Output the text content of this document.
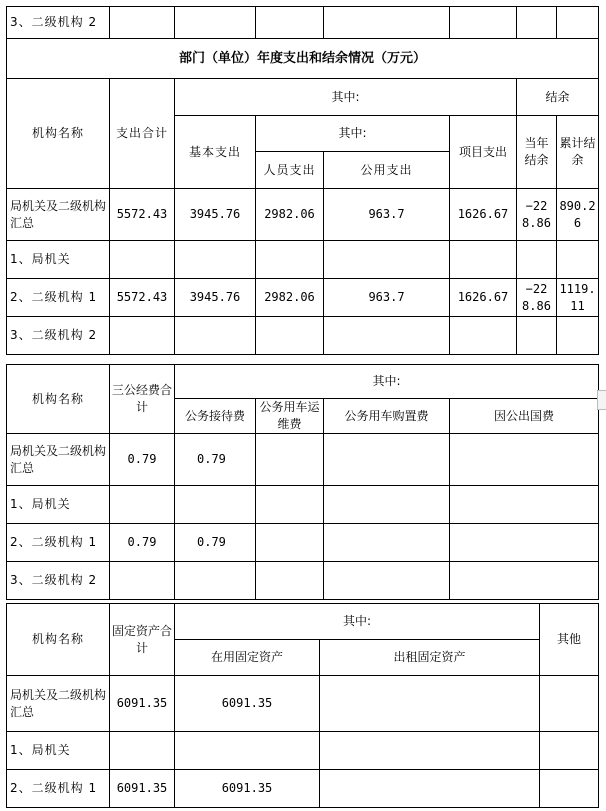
3、二级机构 2							
部门（单位）年度支出和结余情况（万元）							
机构名称	支出合计	其中:				结余	
		基本支出	其中:		项目支出	当年结余	累计结余
			人员支出	公用支出			
局机关及二级机构汇总	5572.43	3945.76	2982.06	963.7	1626.67	−228.86	890.26
1、局机关							
2、二级机构 1	5572.43	3945.76	2982.06	963.7	1626.67	−228.86	1119.11
3、二级机构 2							
机构名称	三公经费合计	其中:			
		公务接待费	公务用车运维费	公务用车购置费	因公出国费
局机关及二级机构汇总	0.79	0.79			
1、局机关					
2、二级机构 1	0.79	0.79			
3、二级机构 2					
机构名称	固定资产合计	其中:		其他
		在用固定资产	出租固定资产	
局机关及二级机构汇总	6091.35	6091.35		
1、局机关				
2、二级机构 1	6091.35	6091.35		
